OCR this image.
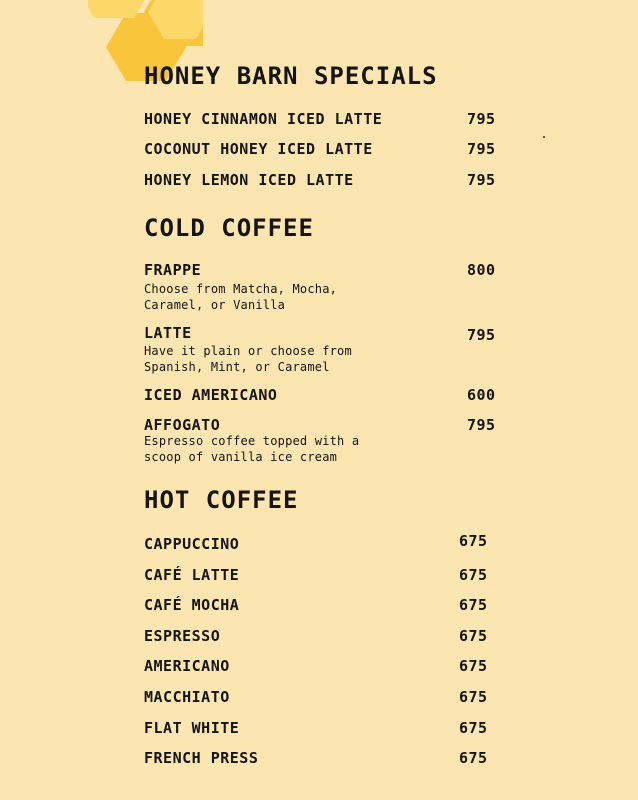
HONEY BARN SPECIALS
HONEY CINNAMON ICED LATTE	795
COCONUT HONEY ICED LATTE	795
HONEY LEMON ICED LATTE	795
COLD COFFEE
FRAPPE	800
Choose from Matcha, Mocha, Caramel, or Vanilla
LATTE	795
Have it plain or choose from Spanish, Mint, or Caramel
ICED AMERICANO	600
AFFOGATO	795
Espresso coffee topped with a scoop of vanilla ice cream
HOT COFFEE
CAPPUCCINO	675
CAFÉ LATTE	675
CAFÉ MOCHA	675
ESPRESSO	675
AMERICANO	675
MACCHIATO	675
FLAT WHITE	675
FRENCH PRESS	675
